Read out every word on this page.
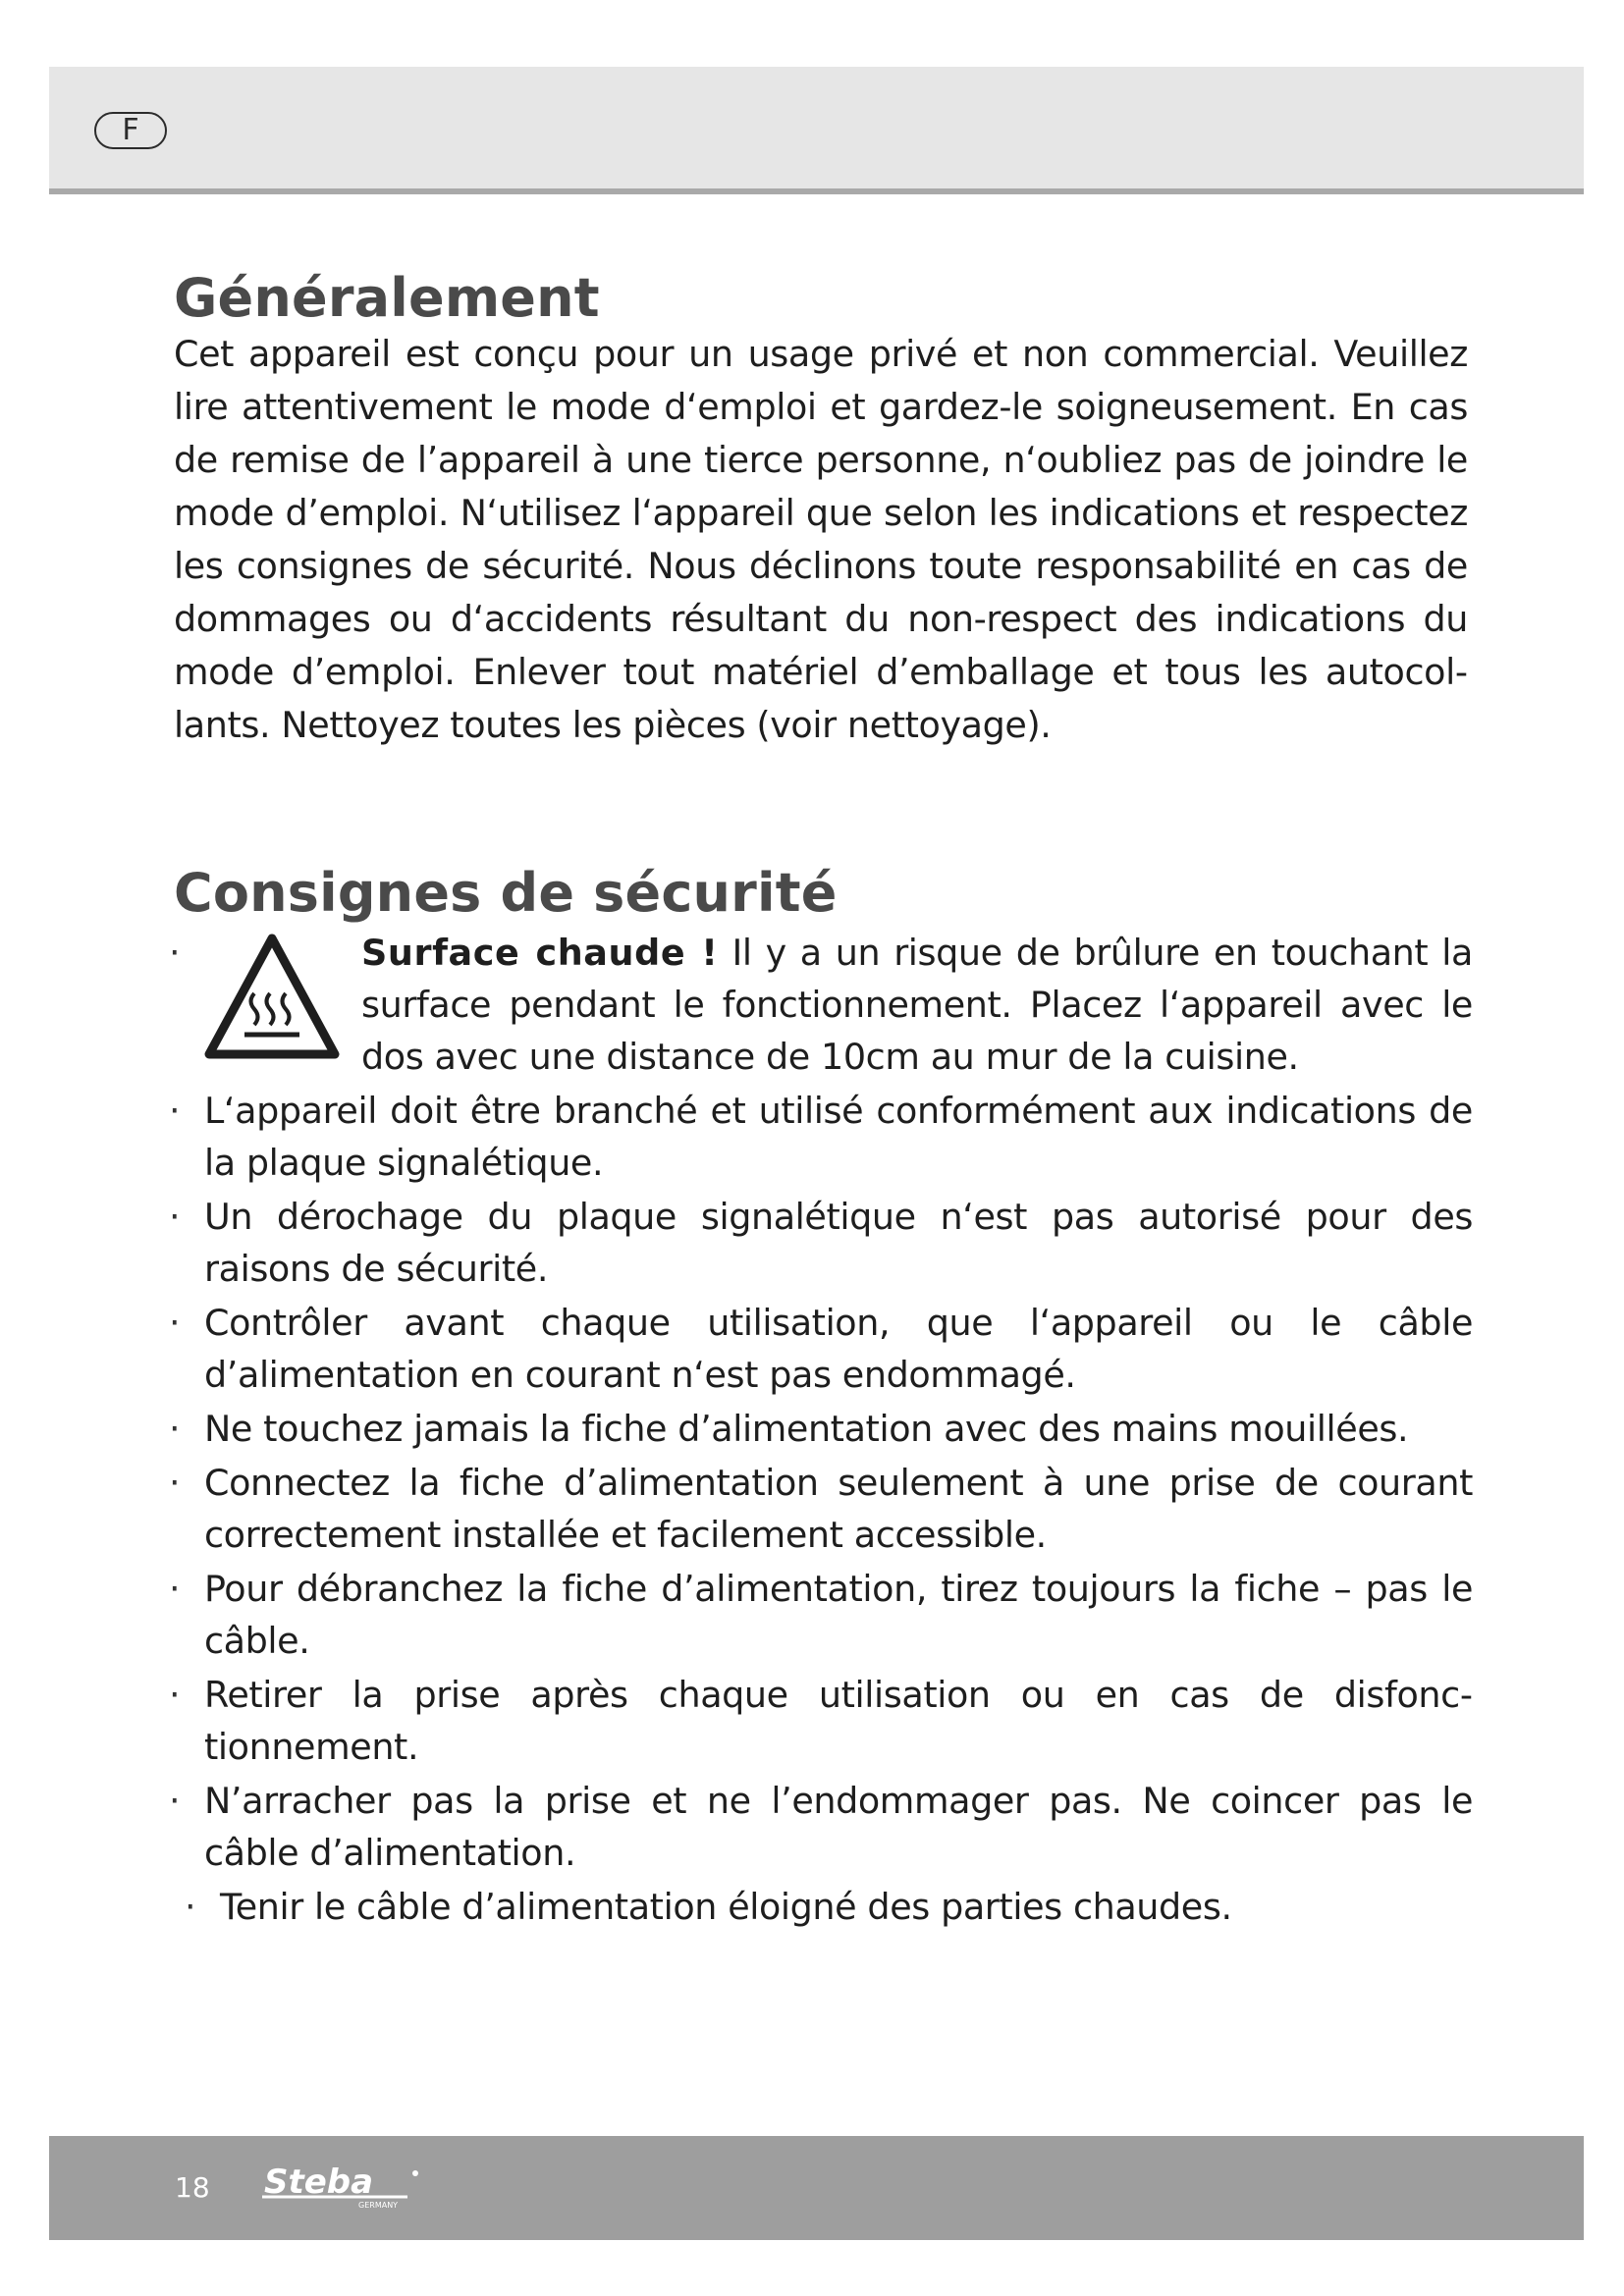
F
Généralement

Cet appareil est conçu pour un usage privé et non commercial. Veuillez lire attentivement le mode d‘emploi et gardez-le soigneusement. En cas de remise de l’appareil à une tierce personne, n‘oubliez pas de joindre le mode d’emploi. N‘utilisez l‘appareil que selon les indications et respectez les consignes de sécurité. Nous déclinons toute responsabilité en cas de dommages ou d‘accidents résultant du non-respect des indications du mode d’emploi. Enlever tout matériel d’emballage et tous les autocollants. Nettoyez toutes les pièces (voir nettoyage).

Consignes de sécurité
· Surface chaude ! Il y a un risque de brûlure en touchant la surface pendant le fonctionnement. Placez l‘appareil avec le dos avec une distance de 10cm au mur de la cuisine.
· L‘appareil doit être branché et utilisé conformément aux indications de la plaque signalétique.
· Un dérochage du plaque signalétique n‘est pas autorisé pour des raisons de sécurité.
· Contrôler avant chaque utilisation, que l‘appareil ou le câble d’alimentation en courant n‘est pas endommagé.
· Ne touchez jamais la fiche d’alimentation avec des mains mouillées.
· Connectez la fiche d’alimentation seulement à une prise de courant correctement installée et facilement accessible.
· Pour débranchez la fiche d’alimentation, tirez toujours la fiche – pas le câble.
· Retirer la prise après chaque utilisation ou en cas de disfonctionnement.
· N’arracher pas la prise et ne l’endommager pas. Ne coincer pas le câble d’alimentation.
· Tenir le câble d’alimentation éloigné des parties chaudes.
18 Steba
GERMANY
